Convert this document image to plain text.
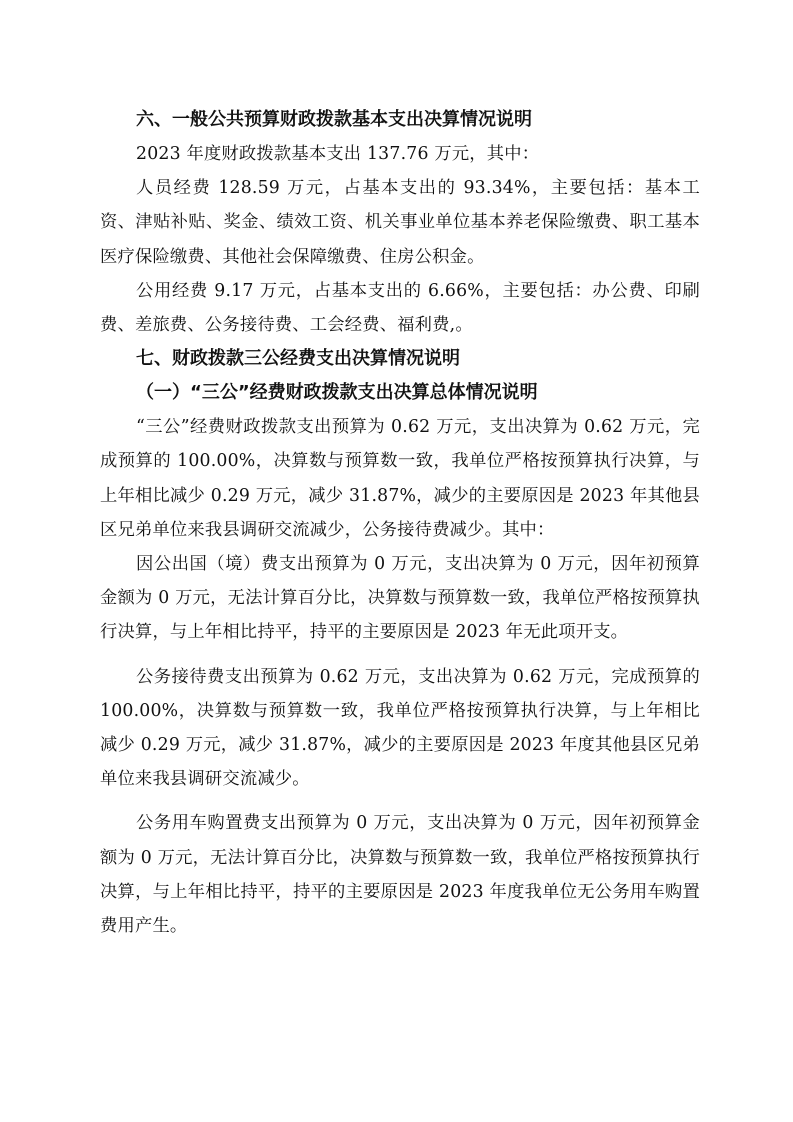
六、一般公共预算财政拨款基本支出决算情况说明

2023 年度财政拨款基本支出 137.76 万元，其中：

人员经费 128.59 万元，占基本支出的 93.34%，主要包括：基本工资、津贴补贴、奖金、绩效工资、机关事业单位基本养老保险缴费、职工基本医疗保险缴费、其他社会保障缴费、住房公积金。

公用经费 9.17 万元，占基本支出的 6.66%，主要包括：办公费、印刷费、差旅费、公务接待费、工会经费、福利费,。

七、财政拨款三公经费支出决算情况说明

（一）“三公”经费财政拨款支出决算总体情况说明

“三公”经费财政拨款支出预算为 0.62 万元，支出决算为 0.62 万元，完成预算的 100.00%，决算数与预算数一致，我单位严格按预算执行决算，与上年相比减少 0.29 万元，减少 31.87%，减少的主要原因是 2023 年其他县区兄弟单位来我县调研交流减少，公务接待费减少。其中：

因公出国（境）费支出预算为 0 万元，支出决算为 0 万元，因年初预算金额为 0 万元，无法计算百分比，决算数与预算数一致，我单位严格按预算执行决算，与上年相比持平，持平的主要原因是 2023 年无此项开支。

公务接待费支出预算为 0.62 万元，支出决算为 0.62 万元，完成预算的 100.00%，决算数与预算数一致，我单位严格按预算执行决算，与上年相比减少 0.29 万元，减少 31.87%，减少的主要原因是 2023 年度其他县区兄弟单位来我县调研交流减少。

公务用车购置费支出预算为 0 万元，支出决算为 0 万元，因年初预算金额为 0 万元，无法计算百分比，决算数与预算数一致，我单位严格按预算执行决算，与上年相比持平，持平的主要原因是 2023 年度我单位无公务用车购置费用产生。
